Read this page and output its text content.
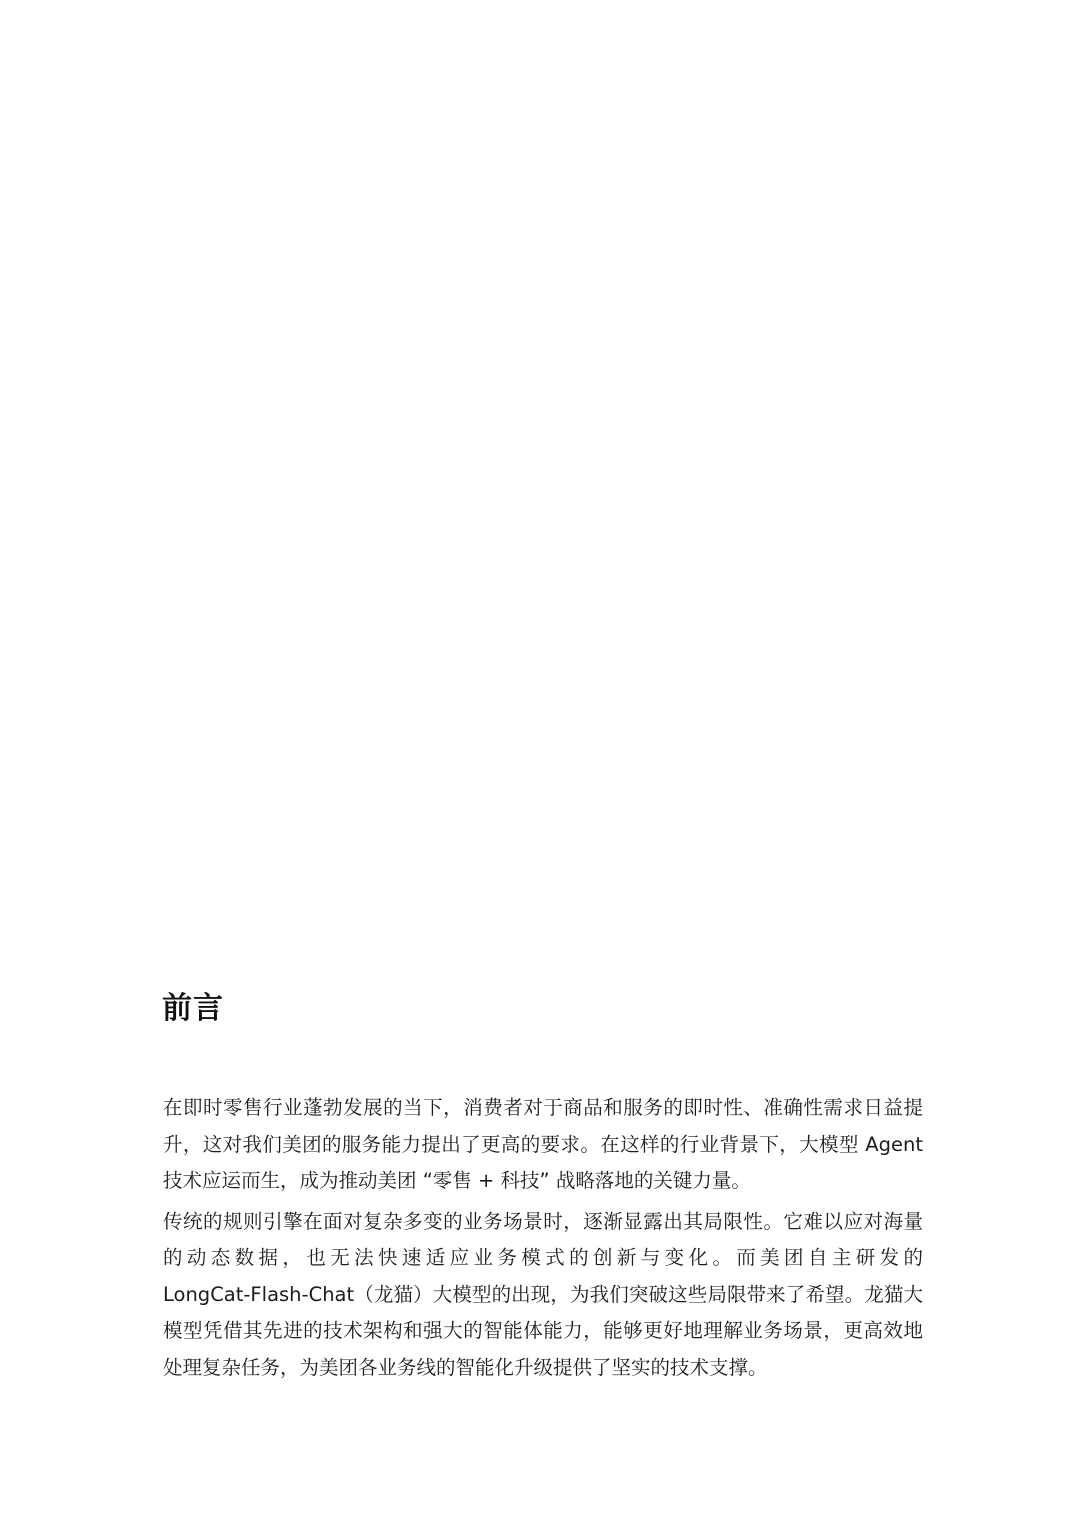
前言

在即时零售行业蓬勃发展的当下，消费者对于商品和服务的即时性、准确性需求日益提
升，这对我们美团的服务能力提出了更高的要求。在这样的行业背景下，大模型 Agent
技术应运而生，成为推动美团 “零售 + 科技” 战略落地的关键力量。

传统的规则引擎在面对复杂多变的业务场景时，逐渐显露出其局限性。它难以应对海量
的动态数据，也无法快速适应业务模式的创新与变化。而美团自主研发的
LongCat-Flash-Chat（龙猫）大模型的出现，为我们突破这些局限带来了希望。龙猫大
模型凭借其先进的技术架构和强大的智能体能力，能够更好地理解业务场景，更高效地
处理复杂任务，为美团各业务线的智能化升级提供了坚实的技术支撑。
